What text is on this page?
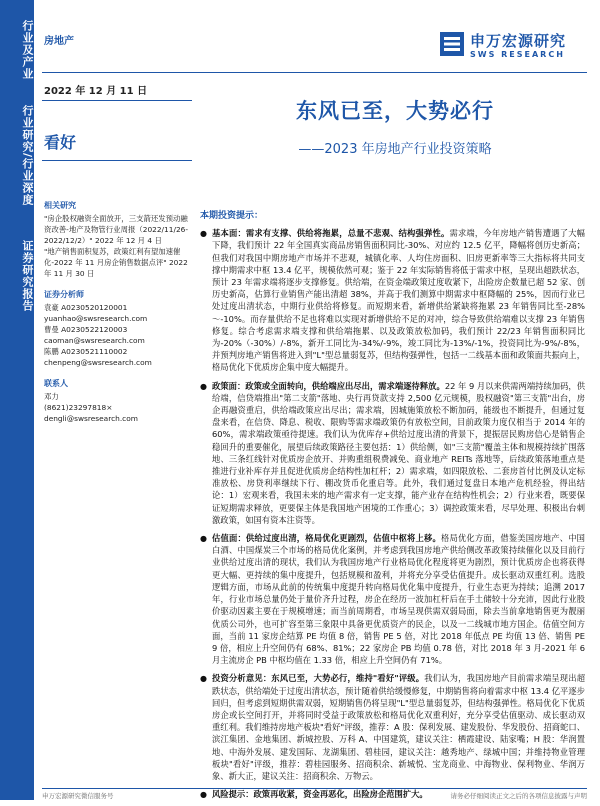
行业及产业
行业研究/行业深度
证券研究报告
房地产	申万宏源研究
SWS RESEARCH
2022 年 12 月 11 日
东风已至，大势必行
——2023 年房地产行业投资策略
看好
相关研究

"房企股权融资全面放开，三支箭还发预动融资改善-地产及物管行业周报（2022/11/26-2022/12/2）" 2022 年 12 月 4 日

"地产销售面积复苏，政策红利有望加速催化-2022 年 11 月房企销售数据点评" 2022 年 11 月 30 日

证券分析师

袁豪 A0230520120001

yuanhao@swsresearch.com

曹曼 A0230522120003

caoman@swsresearch.com

陈鹏 A0230521110002

chenpeng@swsresearch.com

联系人

邓力

(8621)23297818×

dengli@swsresearch.com

本期投资提示：
● 基本面：需求有支撑、供给将拖累，总量不悲观、结构强弹性。需求端，今年房地产销售遭遇了大幅下降，我们预计 22 年全国真实商品房销售面积同比-30%、对应约 12.5 亿平，降幅将创历史新高；但我们对我国中期房地产市场并不悲观，城镇化率、人均住房面积、旧房更新率等三大指标将共同支撑中期需求中枢 13.4 亿平，规模依然可观；鉴于 22 年实际销售将低于需求中枢，呈现出超跌状态，预计 23 年需求端将逐步支撑修复。供给端，在资金端政策过度收紧下，出险房企数量已超 52 家、创历史新高，估算行业销售产能出清超 38%，并高于我们测算中期需求中枢降幅的 25%，因而行业已处过度出清状态，中期行业供给将修复。而短期来看，新增供给紧缺将拖累 23 年销售同比至-28%～-10%。而存量供给不足也将难以实现对新增供给不足的对冲，综合导致供给端难以支撑 23 年销售修复。综合考虑需求端支撑和供给端拖累、以及政策放松加码，我们预计 22/23 年销售面积同比为-20%（-30%）/-8%，新开工同比为-34%/-9%，竣工同比为-13%/-1%，投资同比为-9%/-8%，并预判房地产销售将进入到"L"型总量弱复苏，但结构强弹性，包括一二线基本面和政策面共振向上，格局优化下优质房企集中度大幅提升。
● 政策面：政策或全面转向，供给端应出尽出，需求端逐待释放。22 年 9 月以来供需两端持续加码，供给端，信贷端推出"第二支箭"落地、央行再贷款支持 2,500 亿元规模，股权融资"第三支箭"出台，房企再融资重启，供给端政策应出尽出；需求端，因城施策放松不断加码，能级也不断提升，但通过复盘来看，在信贷、降息、税收、限购等需求端政策仍有放松空间，目前政策力度仅相当于 2014 年的 60%，需求端政策亟待提速。我们认为优库存+供给过度出清的背景下，提振居民购房信心是销售企稳回升的重要催化，展望后续政策路径主要包括：1）供给侧，如"三支箭"覆盖主体和规模持续扩围落地、三条红线针对优质房企放开、并购重组税费减免、商业地产 REITs 落地等，后续政策落地重点是推进行业补库存并且促进优质房企结构性加杠杆；2）需求端，如四限放松、二套房首付比例及认定标准放松、房贷利率继续下行、棚改货币化重启等。此外，我们通过复盘日本地产危机经验，得出结论：1）宏观来看，我国未来的地产需求有一定支撑，能产业存在结构性机会；2）行业来看，既要保证短期需求释放，更要保主体是我国地产困境的工作重心；3）调控政策来看，尽早处理、积极出台刺激政策，如国有资本注资等。
● 估值面：供给过度出清，格局优化更剧烈，估值中枢将上移。格局优化方面，借鉴美国房地产、中国白酒、中国煤炭三个市场的格局优化案例，并考虑到我国房地产供给侧改革政策持续催化以及目前行业供给过度出清的现状，我们认为我国房地产行业格局优化程度将更为剧烈，预计优质房企也将获得更大幅、更持续的集中度提升，包括规模和盈利，并将充分享受估值提升。成长驱动双重红利。选股逻辑方面，市场从此前的传统集中度提升转向格局优化集中度提升，行业生态更为持续；追溯 2017 年，行业市场总量仍处于量价齐升过程，房企在经历一波加杠杆后在手土储较十分充沛，因此行业股价驱动因素主要在于规模增速；而当前周期看，市场呈现供需双弱局面，除去当前拿地销售更为靓丽优质公司外，也可扩容至第三象限中具备更优质资产的民企，以及一二线城市地方国企。估值空间方面，当前 11 家房企结算 PE 均值 8 倍，销售 PE 5 倍，对比 2018 年低点 PE 均值 13 倍、销售 PE 9 倍，相应上升空间仍有 68%、81%；22 家房企 PB 均值 0.78 倍，对比 2018 年 3 月-2021 年 6 月主流房企 PB 中枢均值在 1.33 倍，相应上升空间仍有 71%。
● 投资分析意见：东风已至，大势必行，维持"看好"评级。我们认为，我国房地产目前需求端呈现出超跌状态，供给端处于过度出清状态，预计随着供给缓慢修复，中期销售将向着需求中枢 13.4 亿平逐步回归，但考虑到短期供需双弱，短期销售仍将呈现"L"型总量弱复苏，但结构强弹性。格局优化下优质房企或长空间打开，并将同时受益于政策放松和格局优化双重利好，充分享受估值驱动、成长驱动双重红利。我们维持房地产板块"看好"评级，推荐：A 股：保利发展、建发股份、华发股份、招商蛇口、滨江集团、金地集团、新城控股、万科 A、中国建筑，建议关注：栖霞建设、陆家嘴；H 股：华润置地、中海外发展、建发国际、龙湖集团、碧桂园，建议关注：越秀地产、绿城中国；并维持物业管理板块"看好"评级，推荐：碧桂园服务、招商积余、新城悦、宝龙商业、中海物业、保利物业、华润万象、新大正，建议关注：招商积余、万物云。
● 风险提示：政策再收紧，资金再恶化，出险房企范围扩大。
申万宏源研究微信服务号	请务必仔细阅读正文之后的各项信息披露与声明
